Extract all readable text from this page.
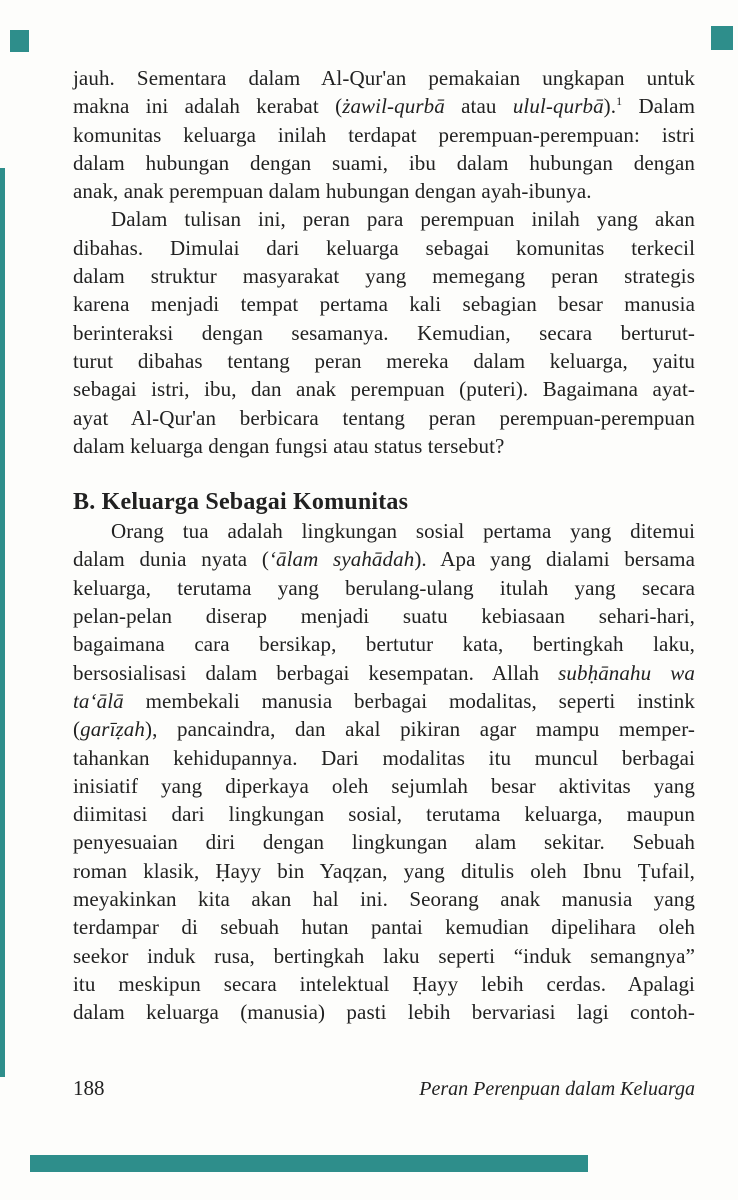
jauh. Sementara dalam Al-Qur'an pemakaian ungkapan untuk
makna ini adalah kerabat (żawil-qurbā atau ulul-qurbā).$^1$ Dalam
komunitas keluarga inilah terdapat perempuan-perempuan: istri
dalam hubungan dengan suami, ibu dalam hubungan dengan
anak, anak perempuan dalam hubungan dengan ayah-ibunya.
Dalam tulisan ini, peran para perempuan inilah yang akan
dibahas. Dimulai dari keluarga sebagai komunitas terkecil
dalam struktur masyarakat yang memegang peran strategis
karena menjadi tempat pertama kali sebagian besar manusia
berinteraksi dengan sesamanya. Kemudian, secara berturut-
turut dibahas tentang peran mereka dalam keluarga, yaitu
sebagai istri, ibu, dan anak perempuan (puteri). Bagaimana ayat-
ayat Al-Qur'an berbicara tentang peran perempuan-perempuan
dalam keluarga dengan fungsi atau status tersebut?
B. Keluarga Sebagai Komunitas
Orang tua adalah lingkungan sosial pertama yang ditemui
dalam dunia nyata (‘ālam syahādah). Apa yang dialami bersama
keluarga, terutama yang berulang-ulang itulah yang secara
pelan-pelan diserap menjadi suatu kebiasaan sehari-hari,
bagaimana cara bersikap, bertutur kata, bertingkah laku,
bersosialisasi dalam berbagai kesempatan. Allah subḥānahu wa
ta‘ālā membekali manusia berbagai modalitas, seperti instink
(garīẓah), pancaindra, dan akal pikiran agar mampu memper-
tahankan kehidupannya. Dari modalitas itu muncul berbagai
inisiatif yang diperkaya oleh sejumlah besar aktivitas yang
diimitasi dari lingkungan sosial, terutama keluarga, maupun
penyesuaian diri dengan lingkungan alam sekitar. Sebuah
roman klasik, Ḥayy bin Yaqẓan, yang ditulis oleh Ibnu Ṭufail,
meyakinkan kita akan hal ini. Seorang anak manusia yang
terdampar di sebuah hutan pantai kemudian dipelihara oleh
seekor induk rusa, bertingkah laku seperti “induk semangnya”
itu meskipun secara intelektual Ḥayy lebih cerdas. Apalagi
dalam keluarga (manusia) pasti lebih bervariasi lagi contoh-
188	Peran Perenpuan dalam Keluarga
